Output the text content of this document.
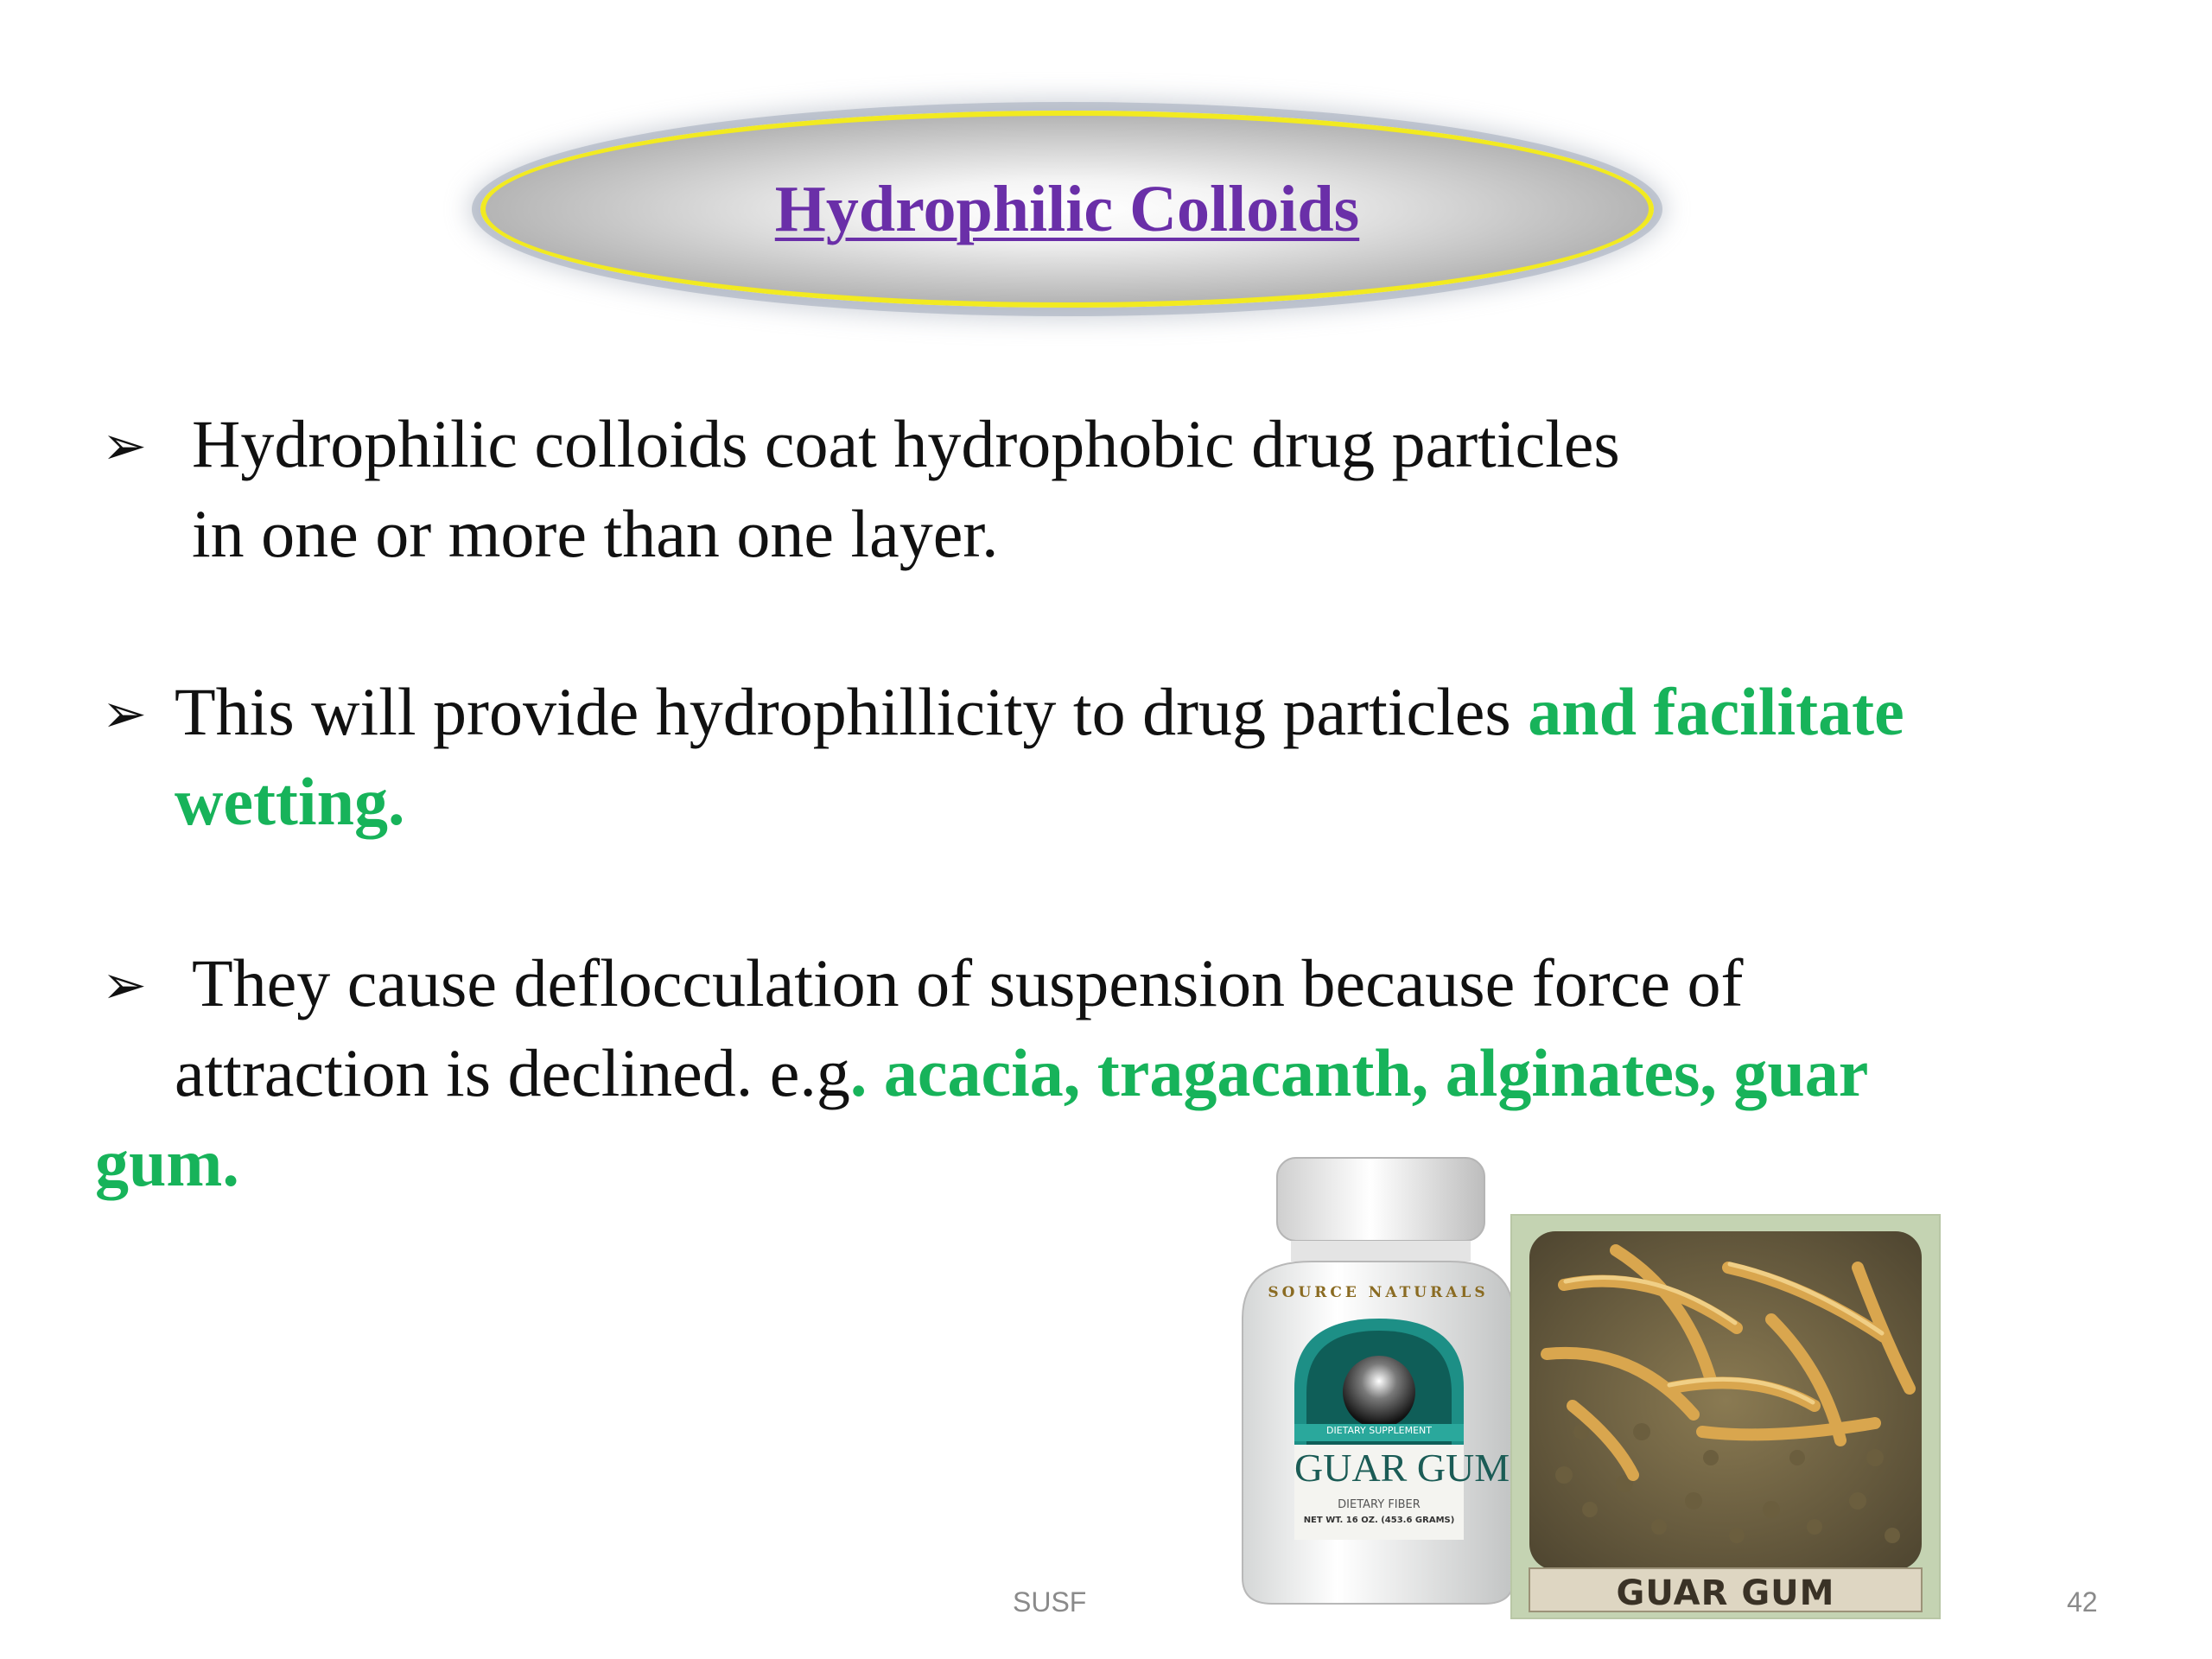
Hydrophilic Colloids
➢ Hydrophilic colloids coat hydrophobic drug particles
in one or more than one layer.
➢ This will provide hydrophillicity to drug particles and facilitate
wetting.
➢ They cause deflocculation of suspension because force of
attraction is declined. e.g. acacia, tragacanth, alginates, guar
gum.
SOURCE NATURALS
DIETARY SUPPLEMENT
GUAR GUM
DIETARY FIBER
NET WT. 16 OZ. (453.6 GRAMS)
GUAR GUM
SUSF	42
